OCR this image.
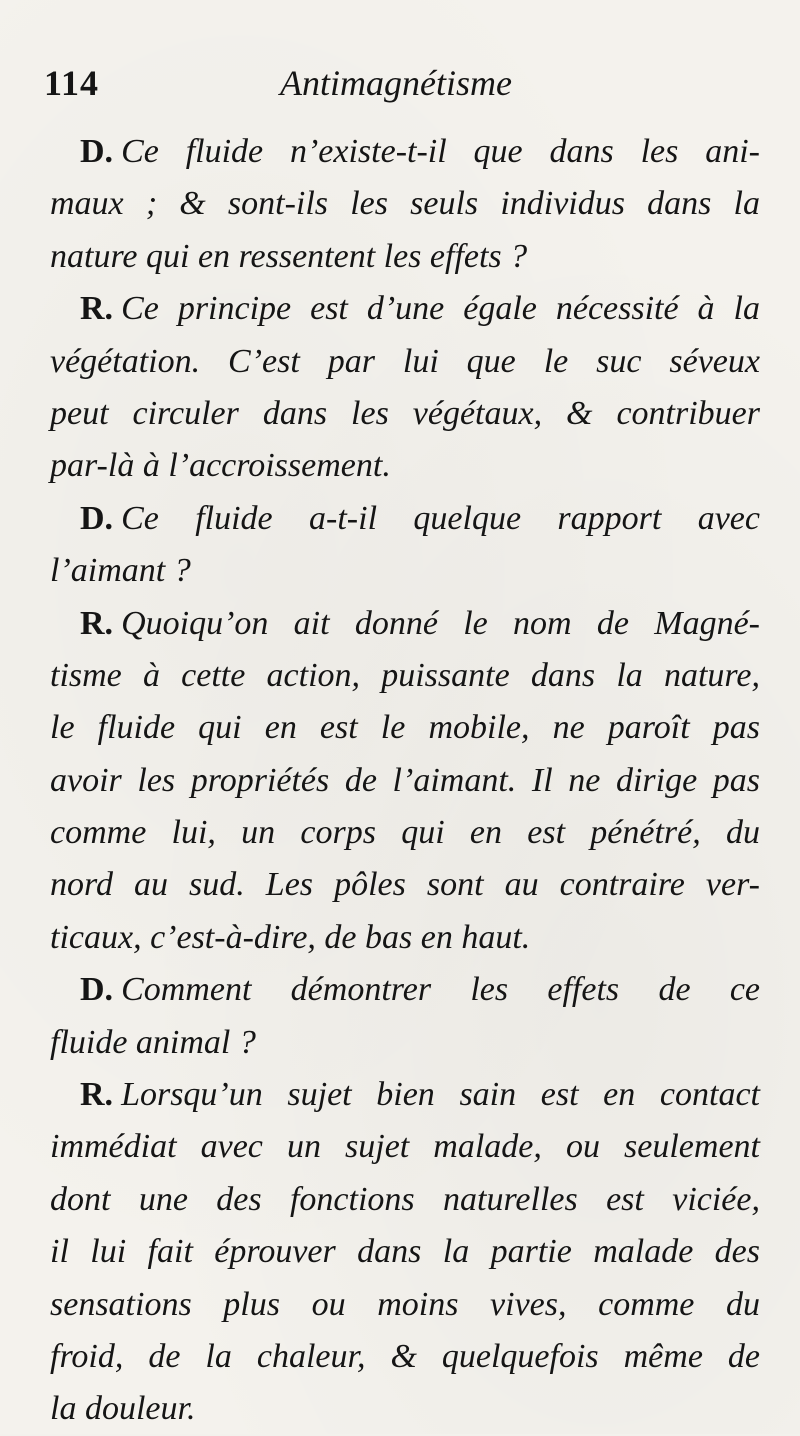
114	Antimagnétisme
D. Ce fluide n’existe-t-il que dans les ani-
maux ; & sont-ils les seuls individus dans la
nature qui en ressentent les effets ?
R. Ce principe est d’une égale nécessité à la
végétation. C’est par lui que le suc séveux
peut circuler dans les végétaux, & contribuer
par-là à l’accroissement.
D. Ce fluide a-t-il quelque rapport avec
l’aimant ?
R. Quoiqu’on ait donné le nom de Magné-
tisme à cette action, puissante dans la nature,
le fluide qui en est le mobile, ne paroît pas
avoir les propriétés de l’aimant. Il ne dirige pas
comme lui, un corps qui en est pénétré, du
nord au sud. Les pôles sont au contraire ver-
ticaux, c’est-à-dire, de bas en haut.
D. Comment démontrer les effets de ce
fluide animal ?
R. Lorsqu’un sujet bien sain est en contact
immédiat avec un sujet malade, ou seulement
dont une des fonctions naturelles est viciée,
il lui fait éprouver dans la partie malade des
sensations plus ou moins vives, comme du
froid, de la chaleur, & quelquefois même de
la douleur.
